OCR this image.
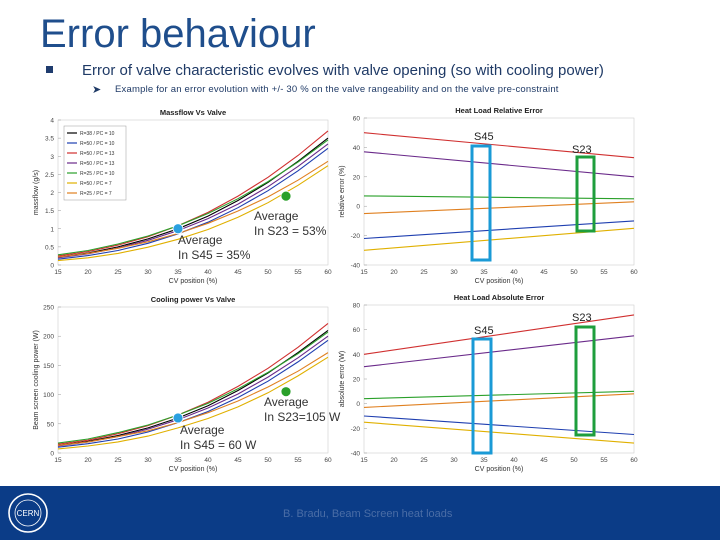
Error behaviour
Error of valve characteristic evolves with valve opening (so with cooling power)
➤ Example for an error evolution with +/- 30 % on the valve rangeability and on the valve pre-constraint
Massflow Vs Valve
15	20	25	30	35	40	45	50	55	60
0
0.5
1
1.5
2
2.5
3
3.5
4
CV position (%)
massflow (g/s)
R=38 / PC = 10
R=50 / PC = 10
R=50 / PC = 13
R=50 / PC = 13
R=25 / PC = 10
R=50 / PC = 7
R=25 / PC = 7
Heat Load Relative Error
15	20	25	30	35	40	45	50	55	60
60
40
20
0
-20
-40
CV position (%)
relative error (%)
Cooling power Vs Valve
15	20	25	30	35	40	45	50	55	60
0
50
100
150
200
250
CV position (%)
Beam screen cooling power (W)
Heat Load Absolute Error
15	20	25	30	35	40	45	50	55	60
80
60
40
20
0
-20
-40
CV position (%)
absolute error (W)
S45
S23
S45
S23
Average
In S23 = 53%
Average
In S45 = 35%
Average
In S23=105 W
Average
In S45 = 60 W
CERN	B. Bradu, Beam Screen heat loads
